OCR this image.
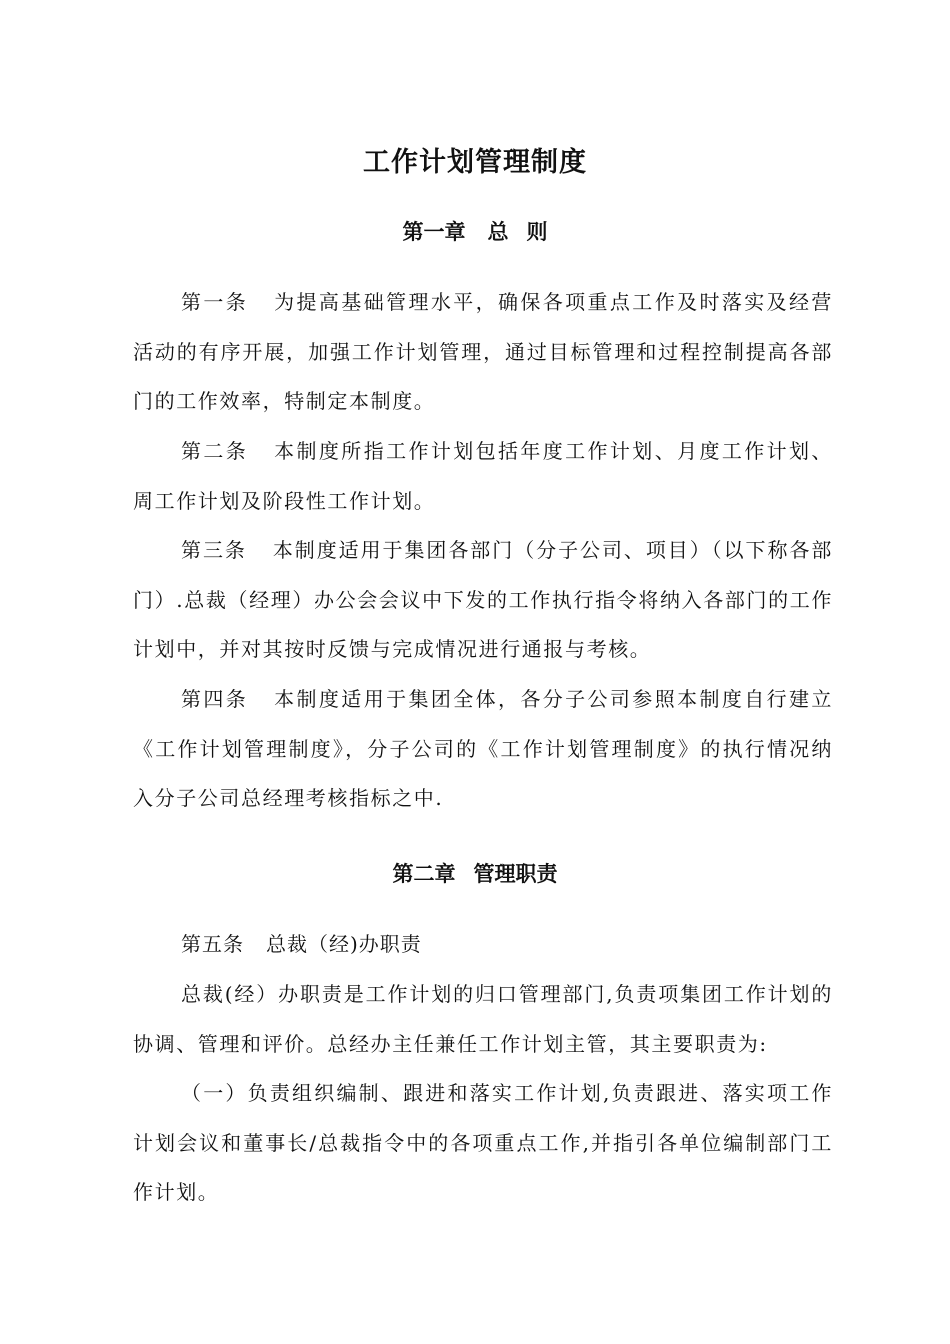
工作计划管理制度
第一章 总 则

第一条 为提高基础管理水平，确保各项重点工作及时落实及经营活动的有序开展，加强工作计划管理，通过目标管理和过程控制提高各部门的工作效率，特制定本制度。

第二条 本制度所指工作计划包括年度工作计划、月度工作计划、周工作计划及阶段性工作计划。

第三条 本制度适用于集团各部门（分子公司、项目）（以下称各部门）.总裁（经理）办公会会议中下发的工作执行指令将纳入各部门的工作计划中，并对其按时反馈与完成情况进行通报与考核。

第四条 本制度适用于集团全体，各分子公司参照本制度自行建立《工作计划管理制度》，分子公司的《工作计划管理制度》的执行情况纳入分子公司总经理考核指标之中.

第二章 管理职责

第五条 总裁（经)办职责

总裁(经）办职责是工作计划的归口管理部门,负责项集团工作计划的协调、管理和评价。总经办主任兼任工作计划主管，其主要职责为:

（一）负责组织编制、跟进和落实工作计划,负责跟进、落实项工作计划会议和董事长/总裁指令中的各项重点工作,并指引各单位编制部门工作计划。
